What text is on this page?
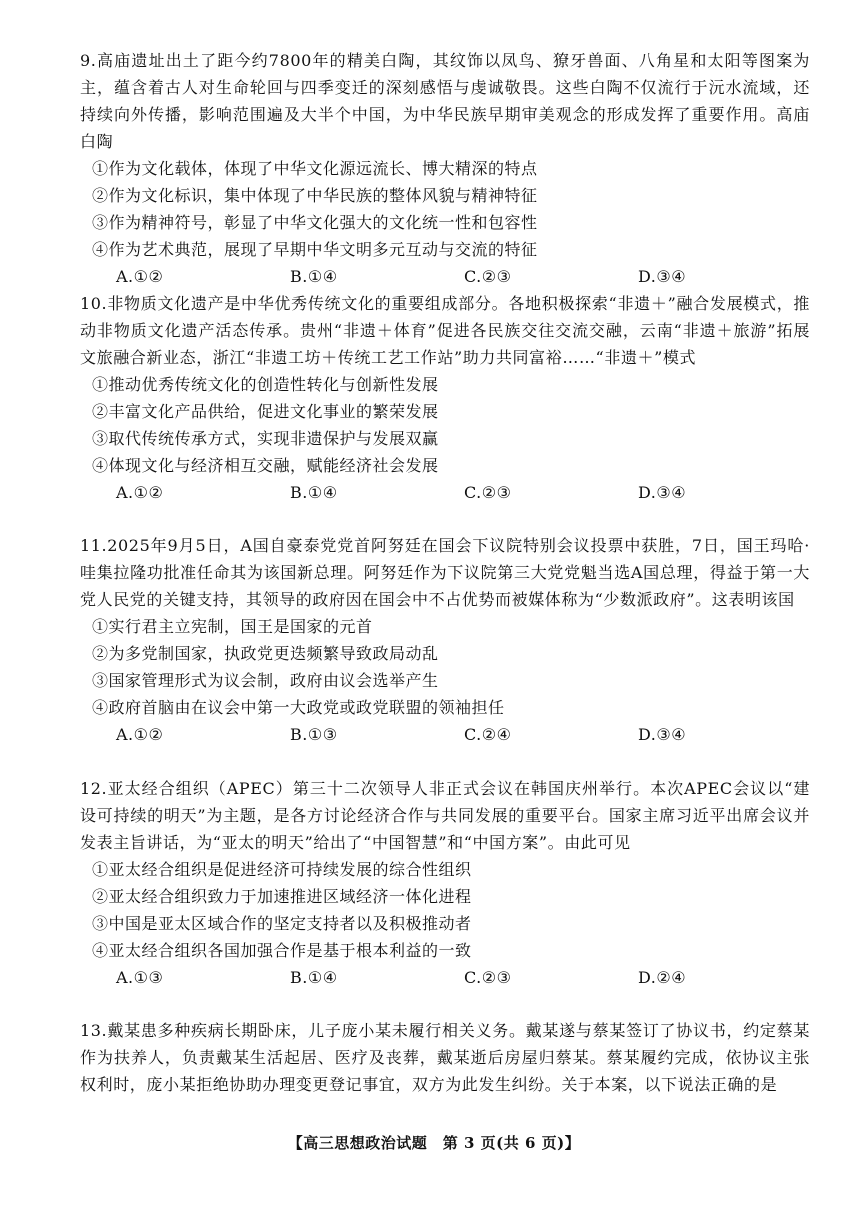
9.高庙遗址出土了距今约7800年的精美白陶，其纹饰以凤鸟、獠牙兽面、八角星和太阳等图案为主，蕴含着古人对生命轮回与四季变迁的深刻感悟与虔诚敬畏。这些白陶不仅流行于沅水流域，还持续向外传播，影响范围遍及大半个中国，为中华民族早期审美观念的形成发挥了重要作用。高庙白陶

①作为文化载体，体现了中华文化源远流长、博大精深的特点

②作为文化标识，集中体现了中华民族的整体风貌与精神特征

③作为精神符号，彰显了中华文化强大的文化统一性和包容性

④作为艺术典范，展现了早期中华文明多元互动与交流的特征

A.①②	B.①④	C.②③	D.③④

10.非物质文化遗产是中华优秀传统文化的重要组成部分。各地积极探索“非遗＋”融合发展模式，推动非物质文化遗产活态传承。贵州“非遗＋体育”促进各民族交往交流交融，云南“非遗＋旅游”拓展文旅融合新业态，浙江“非遗工坊＋传统工艺工作站”助力共同富裕……“非遗＋”模式

①推动优秀传统文化的创造性转化与创新性发展

②丰富文化产品供给，促进文化事业的繁荣发展

③取代传统传承方式，实现非遗保护与发展双赢

④体现文化与经济相互交融，赋能经济社会发展

A.①②	B.①④	C.②③	D.③④

11.2025年9月5日，A国自豪泰党党首阿努廷在国会下议院特别会议投票中获胜，7日，国王玛哈·哇集拉隆功批准任命其为该国新总理。阿努廷作为下议院第三大党党魁当选A国总理，得益于第一大党人民党的关键支持，其领导的政府因在国会中不占优势而被媒体称为“少数派政府”。这表明该国

①实行君主立宪制，国王是国家的元首

②为多党制国家，执政党更迭频繁导致政局动乱

③国家管理形式为议会制，政府由议会选举产生

④政府首脑由在议会中第一大政党或政党联盟的领袖担任

A.①②	B.①③	C.②④	D.③④

12.亚太经合组织（APEC）第三十二次领导人非正式会议在韩国庆州举行。本次APEC会议以“建设可持续的明天”为主题，是各方讨论经济合作与共同发展的重要平台。国家主席习近平出席会议并发表主旨讲话，为“亚太的明天”给出了“中国智慧”和“中国方案”。由此可见

①亚太经合组织是促进经济可持续发展的综合性组织

②亚太经合组织致力于加速推进区域经济一体化进程

③中国是亚太区域合作的坚定支持者以及积极推动者

④亚太经合组织各国加强合作是基于根本利益的一致

A.①③	B.①④	C.②③	D.②④

13.戴某患多种疾病长期卧床，儿子庞小某未履行相关义务。戴某遂与蔡某签订了协议书，约定蔡某作为扶养人，负责戴某生活起居、医疗及丧葬，戴某逝后房屋归蔡某。蔡某履约完成，依协议主张权利时，庞小某拒绝协助办理变更登记事宜，双方为此发生纠纷。关于本案，以下说法正确的是

【高三思想政治试题　第 3 页(共 6 页)】
